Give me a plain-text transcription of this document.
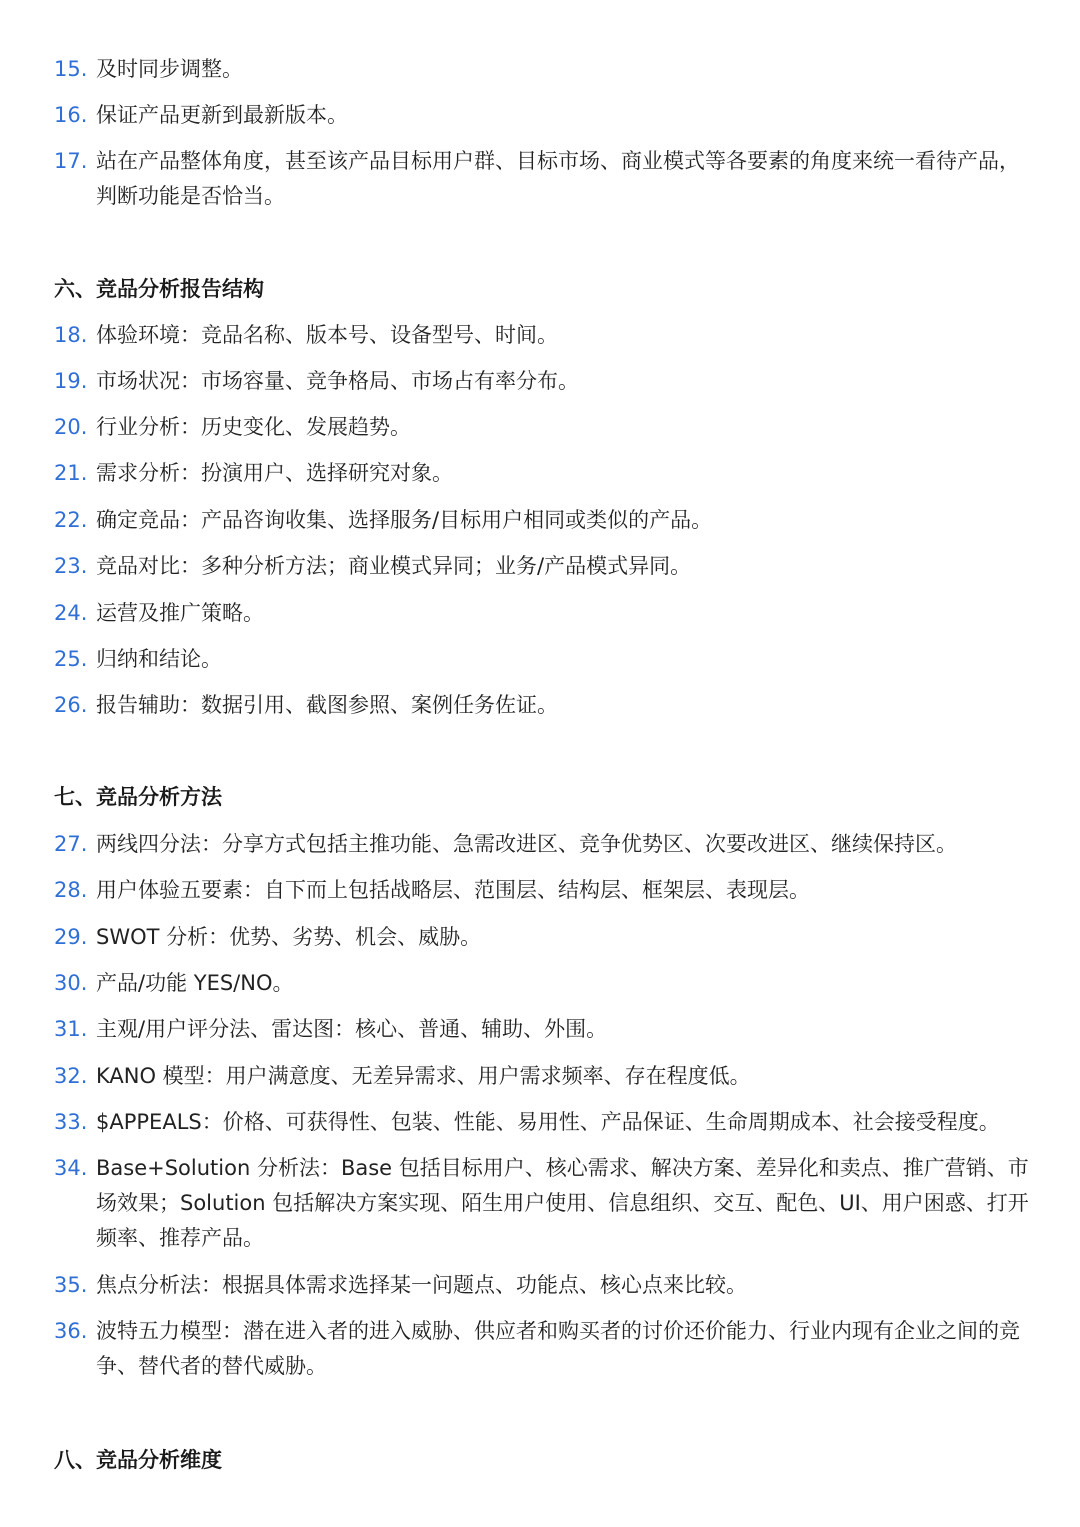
15. 及时同步调整。
16. 保证产品更新到最新版本。
17. 站在产品整体角度，甚至该产品目标用户群、目标市场、商业模式等各要素的角度来统一看待产品，判断功能是否恰当。
六、竞品分析报告结构
18. 体验环境：竞品名称、版本号、设备型号、时间。
19. 市场状况：市场容量、竞争格局、市场占有率分布。
20. 行业分析：历史变化、发展趋势。
21. 需求分析：扮演用户、选择研究对象。
22. 确定竞品：产品咨询收集、选择服务/目标用户相同或类似的产品。
23. 竞品对比：多种分析方法；商业模式异同；业务/产品模式异同。
24. 运营及推广策略。
25. 归纳和结论。
26. 报告辅助：数据引用、截图参照、案例任务佐证。
七、竞品分析方法
27. 两线四分法：分享方式包括主推功能、急需改进区、竞争优势区、次要改进区、继续保持区。
28. 用户体验五要素：自下而上包括战略层、范围层、结构层、框架层、表现层。
29. SWOT 分析：优势、劣势、机会、威胁。
30. 产品/功能 YES/NO。
31. 主观/用户评分法、雷达图：核心、普通、辅助、外围。
32. KANO 模型：用户满意度、无差异需求、用户需求频率、存在程度低。
33. $APPEALS：价格、可获得性、包装、性能、易用性、产品保证、生命周期成本、社会接受程度。
34. Base+Solution 分析法：Base 包括目标用户、核心需求、解决方案、差异化和卖点、推广营销、市场效果；Solution 包括解决方案实现、陌生用户使用、信息组织、交互、配色、UI、用户困惑、打开频率、推荐产品。
35. 焦点分析法：根据具体需求选择某一问题点、功能点、核心点来比较。
36. 波特五力模型：潜在进入者的进入威胁、供应者和购买者的讨价还价能力、行业内现有企业之间的竞争、替代者的替代威胁。
八、竞品分析维度
